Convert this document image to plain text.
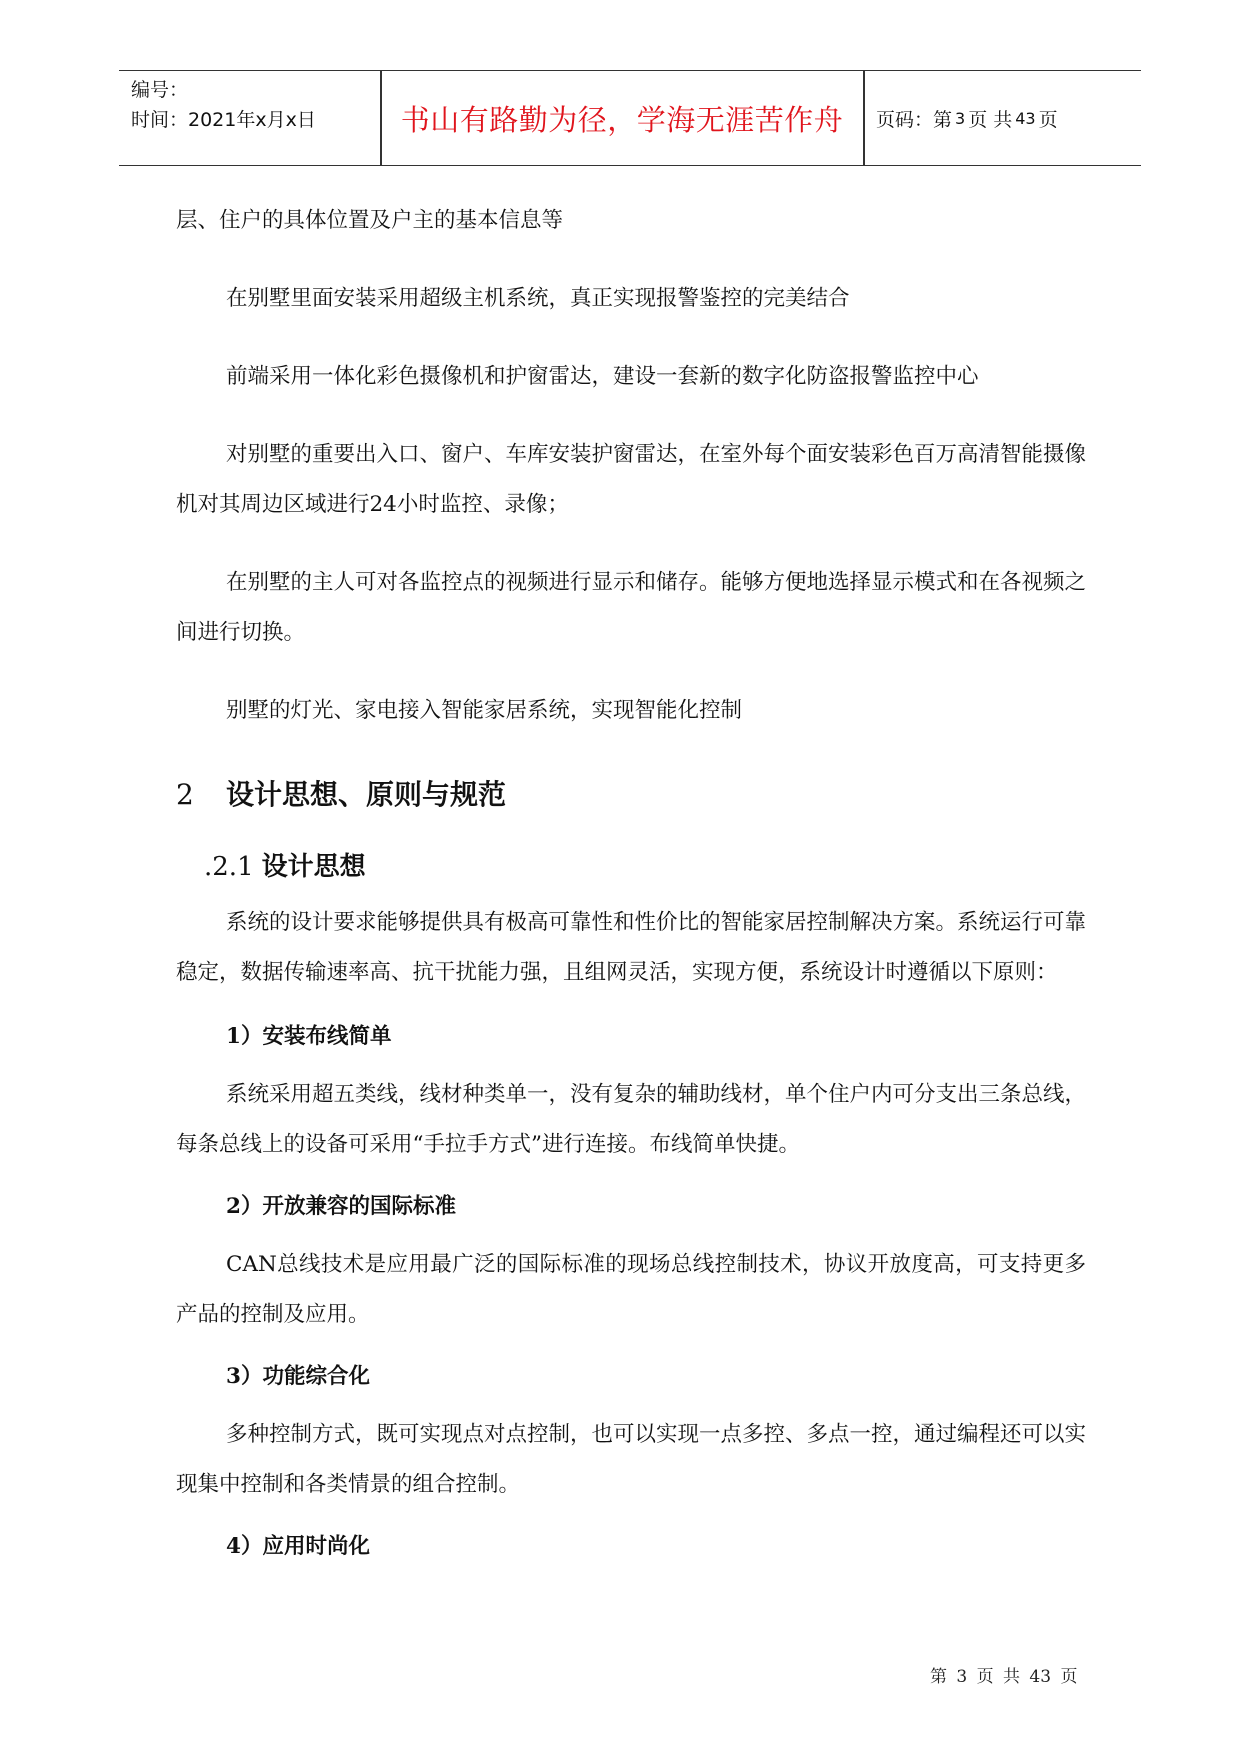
编号：
时间：2021年x月x日	书山有路勤为径，学海无涯苦作舟	页码：第 3 页 共 43 页

层、住户的具体位置及户主的基本信息等

在别墅里面安装采用超级主机系统，真正实现报警鉴控的完美结合

前端采用一体化彩色摄像机和护窗雷达，建设一套新的数字化防盗报警监控中心

对别墅的重要出入口、窗户、车库安装护窗雷达，在室外每个面安装彩色百万高清智能摄像机对其周边区域进行24小时监控、录像；

在别墅的主人可对各监控点的视频进行显示和储存。能够方便地选择显示模式和在各视频之间进行切换。

别墅的灯光、家电接入智能家居系统，实现智能化控制

2 设计思想、原则与规范
.2.1 设计思想

系统的设计要求能够提供具有极高可靠性和性价比的智能家居控制解决方案。系统运行可靠稳定，数据传输速率高、抗干扰能力强，且组网灵活，实现方便，系统设计时遵循以下原则：

1）安装布线简单

系统采用超五类线，线材种类单一，没有复杂的辅助线材，单个住户内可分支出三条总线，每条总线上的设备可采用“手拉手方式”进行连接。布线简单快捷。

2）开放兼容的国际标准

CAN总线技术是应用最广泛的国际标准的现场总线控制技术，协议开放度高，可支持更多产品的控制及应用。

3）功能综合化

多种控制方式，既可实现点对点控制，也可以实现一点多控、多点一控，通过编程还可以实现集中控制和各类情景的组合控制。

4）应用时尚化
第 3 页 共 43 页
